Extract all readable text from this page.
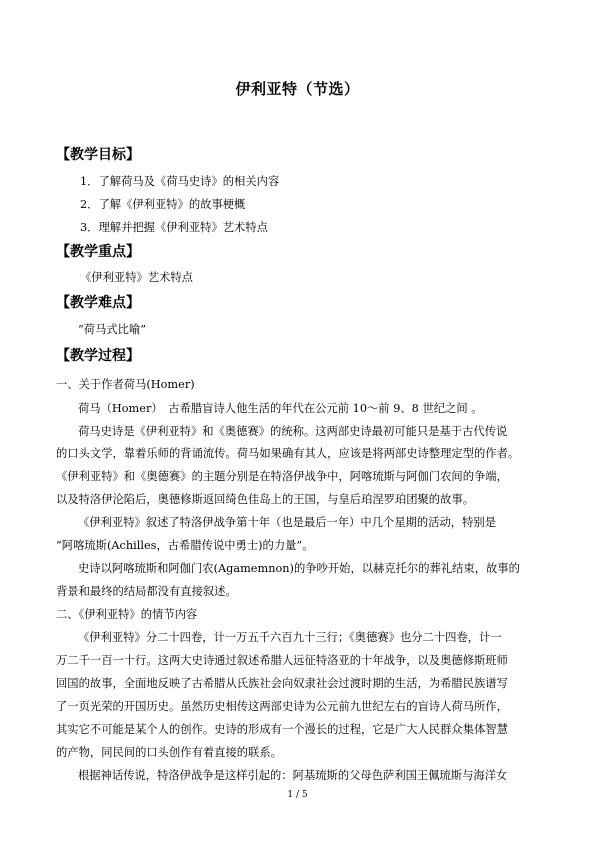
伊利亚特（节选）
【教学目标】
1．了解荷马及《荷马史诗》的相关内容
2．了解《伊利亚特》的故事梗概
3．理解并把握《伊利亚特》艺术特点
【教学重点】
《伊利亚特》艺术特点
【教学难点】
“荷马式比喻”
【教学过程】
一、关于作者荷马(Homer)
荷马（Homer）　古希腊盲诗人他生活的年代在公元前 10～前 9、8 世纪之间 。
荷马史诗是《伊利亚特》和《奥德赛》的统称。这两部史诗最初可能只是基于古代传说
的口头文学，靠着乐师的背诵流传。荷马如果确有其人，应该是将两部史诗整理定型的作者。
《伊利亚特》和《奥德赛》的主题分别是在特洛伊战争中，阿喀琉斯与阿伽门农间的争端，
以及特洛伊沦陷后，奥德修斯返回绮色佳岛上的王国，与皇后珀涅罗珀团聚的故事。
《伊利亚特》叙述了特洛伊战争第十年（也是最后一年）中几个星期的活动，特别是
“阿喀琉斯(Achilles，古希腊传说中勇士)的力量”。
史诗以阿喀琉斯和阿伽门农(Agamemnon)的争吵开始，以赫克托尔的葬礼结束，故事的
背景和最终的结局都没有直接叙述。
二、《伊利亚特》的情节内容
《伊利亚特》分二十四卷，计一万五千六百九十三行；《奥德赛》也分二十四卷，计一
万二千一百一十行。这两大史诗通过叙述希腊人远征特洛亚的十年战争，以及奥德修斯班师
回国的故事，全面地反映了古希腊从氏族社会向奴隶社会过渡时期的生活，为希腊民族谱写
了一页光荣的开国历史。虽然历史相传这两部史诗为公元前九世纪左右的盲诗人荷马所作，
其实它不可能是某个人的创作。史诗的形成有一个漫长的过程，它是广大人民群众集体智慧
的产物，同民间的口头创作有着直接的联系。
根据神话传说，特洛伊战争是这样引起的：阿基琉斯的父母色萨利国王佩琉斯与海洋女
1 / 5
